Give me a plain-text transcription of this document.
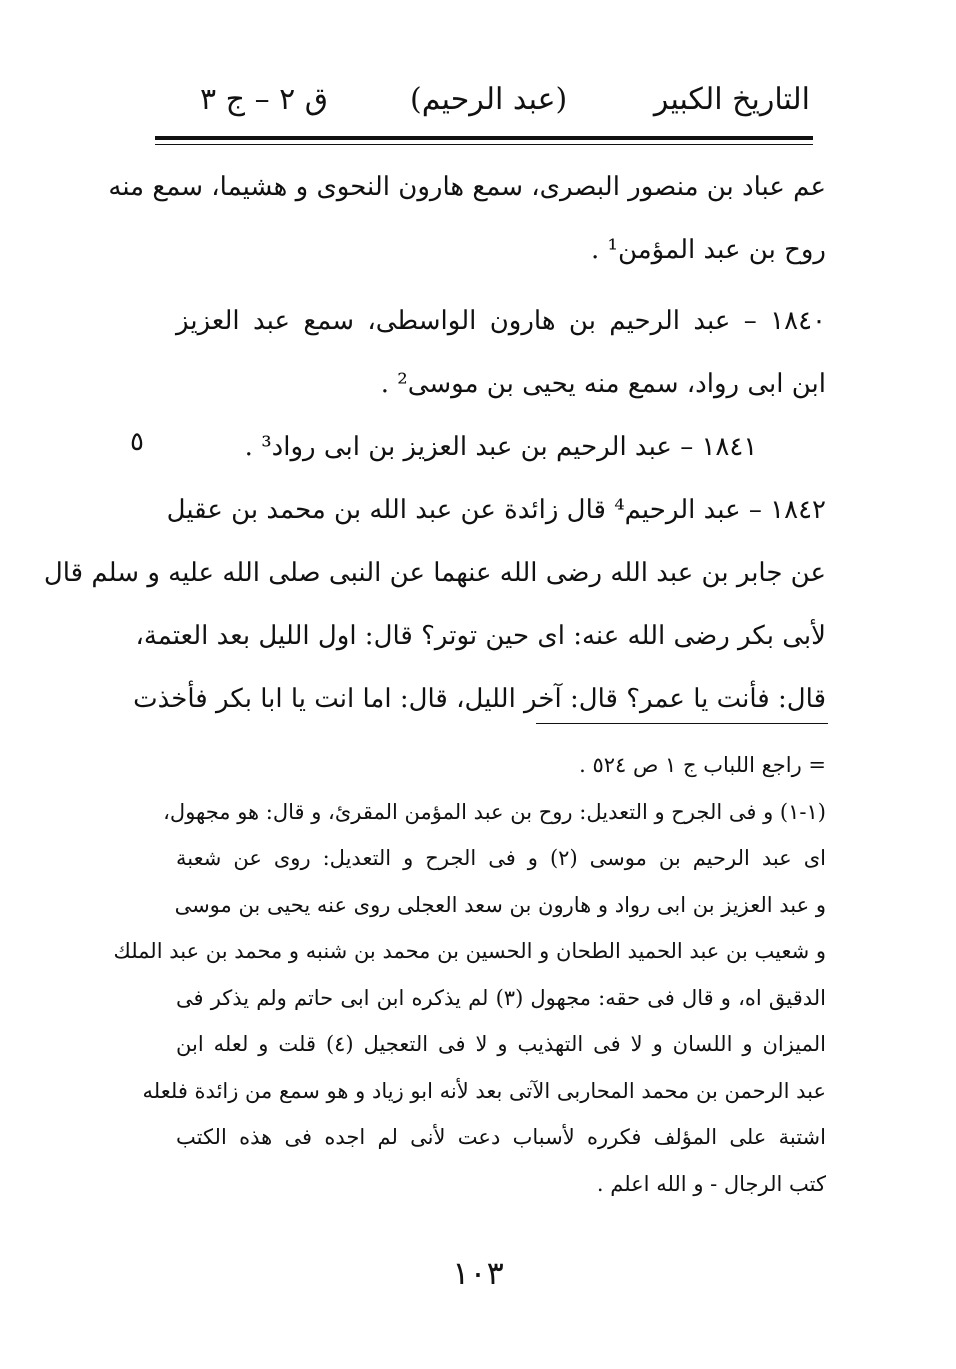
التاريخ الكبير
(عبد الرحيم)
ق ٢ – ج ٣
عم عباد بن منصور البصرى، سمع هارون النحوى و هشيما، سمع منه
روح بن عبد المؤمن¹ .
١٨٤٠ – عبد الرحيم بن هارون الواسطى، سمع عبد العزيز
ابن ابى رواد، سمع منه يحيى بن موسى² .
١٨٤١ – عبد الرحيم بن عبد العزيز بن ابى رواد³ .
١٨٤٢ – عبد الرحيم⁴ قال زائدة عن عبد الله بن محمد بن عقيل
عن جابر بن عبد الله رضى الله عنهما عن النبى صلى الله عليه و سلم قال
لأبى بكر رضى الله عنه: اى حين توتر؟ قال: اول الليل بعد العتمة،
قال: فأنت يا عمر؟ قال: آخر الليل، قال: اما انت يا ابا بكر فأخذت
٥
= راجع اللباب ج ١ ص ٥٢٤ .
(١-١) و فى الجرح و التعديل: روح بن عبد المؤمن المقرئ، و قال: هو مجهول،
اى عبد الرحيم بن موسى (٢) و فى الجرح و التعديل: روى عن شعبة
و عبد العزيز بن ابى رواد و هارون بن سعد العجلى روى عنه يحيى بن موسى
و شعيب بن عبد الحميد الطحان و الحسين بن محمد بن شنبه و محمد بن عبد الملك
الدقيق اه، و قال فى حقه: مجهول (٣) لم يذكره ابن ابى حاتم ولم يذكر فى
الميزان و اللسان و لا فى التهذيب و لا فى التعجيل (٤) قلت و لعله ابن
عبد الرحمن بن محمد المحاربى الآتى بعد لأنه ابو زياد و هو سمع من زائدة فلعله
اشتبة على المؤلف فكرره لأسباب دعت لأنى لم اجده فى هذه الكتب
كتب الرجال - و الله اعلم .
١٠٣
